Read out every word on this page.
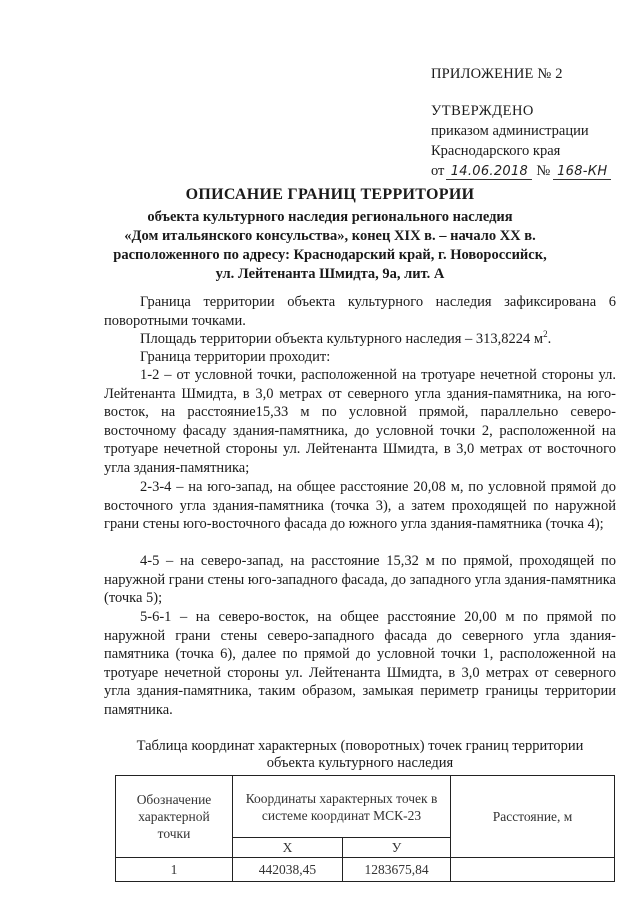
ПРИЛОЖЕНИЕ № 2
УТВЕРЖДЕНО
приказом администрации
Краснодарского края
от 14.06.2018 № 168-КН
ОПИСАНИЕ ГРАНИЦ ТЕРРИТОРИИ
объекта культурного наследия регионального наследия
«Дом итальянского консульства», конец XIX в. – начало XX в.
расположенного по адресу: Краснодарский край, г. Новороссийск,
ул. Лейтенанта Шмидта, 9а, лит. А

Граница территории объекта культурного наследия зафиксирована 6 поворотными точками.

Площадь территории объекта культурного наследия – 313,8224 $м^2$.

Граница территории проходит:

1-2 – от условной точки, расположенной на тротуаре нечетной стороны ул. Лейтенанта Шмидта, в 3,0 метрах от северного угла здания-памятника, на юго-восток, на расстояние15,33 м по условной прямой, параллельно северо-восточному фасаду здания-памятника, до условной точки 2, расположенной на тротуаре нечетной стороны ул. Лейтенанта Шмидта, в 3,0 метрах от восточного угла здания-памятника;

2-3-4 – на юго-запад, на общее расстояние 20,08 м, по условной прямой до восточного угла здания-памятника (точка 3), а затем проходящей по наружной грани стены юго-восточного фасада до южного угла здания-памятника (точка 4);

4-5 – на северо-запад, на расстояние 15,32 м по прямой, проходящей по наружной грани стены юго-западного фасада, до западного угла здания-памятника (точка 5);

5-6-1 – на северо-восток, на общее расстояние 20,00 м по прямой по наружной грани стены северо-западного фасада до северного угла здания-памятника (точка 6), далее по прямой до условной точки 1, расположенной на тротуаре нечетной стороны ул. Лейтенанта Шмидта, в 3,0 метрах от северного угла здания-памятника, таким образом, замыкая периметр границы территории памятника.

Таблица координат характерных (поворотных) точек границ территории
объекта культурного наследия
Обозначение характерной точки	Координаты характерных точек в системе координат МСК-23		Расстояние, м
	X	У	
1	442038,45	1283675,84	
